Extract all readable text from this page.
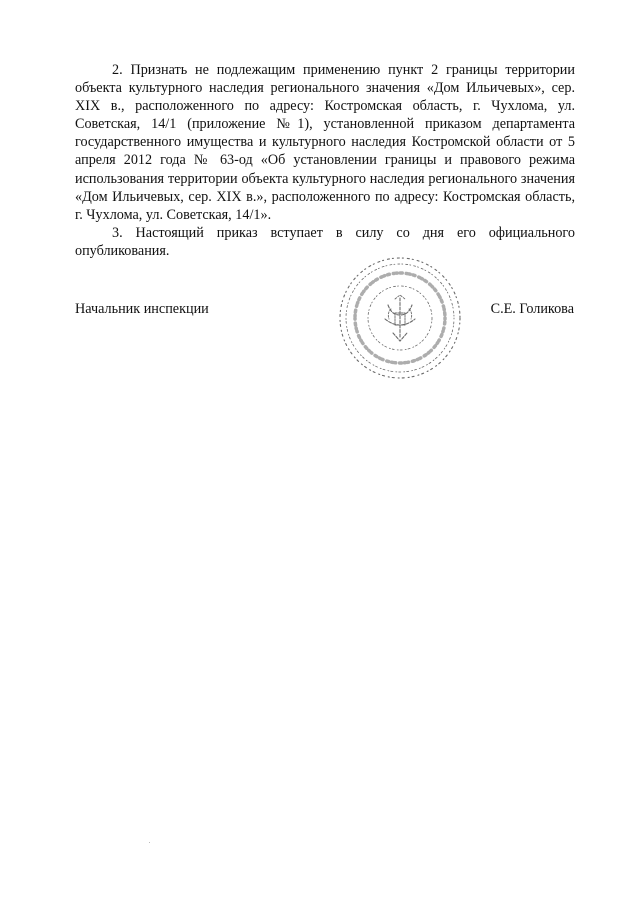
2. Признать не подлежащим применению пункт 2 границы территории объекта культурного наследия регионального значения «Дом Ильичевых», сер. XIX в., расположенного по адресу: Костромская область, г. Чухлома, ул. Советская, 14/1 (приложение №1), установленной приказом департамента государственного имущества и культурного наследия Костромской области от 5 апреля 2012 года № 63-од «Об установлении границы и правового режима использования территории объекта культурного наследия регионального значения «Дом Ильичевых, сер. XIX в.», расположенного по адресу: Костромская область, г. Чухлома, ул. Советская, 14/1».

3. Настоящий приказ вступает в силу со дня его официального опубликования.

Начальник инспекции	С.Е. Голикова
